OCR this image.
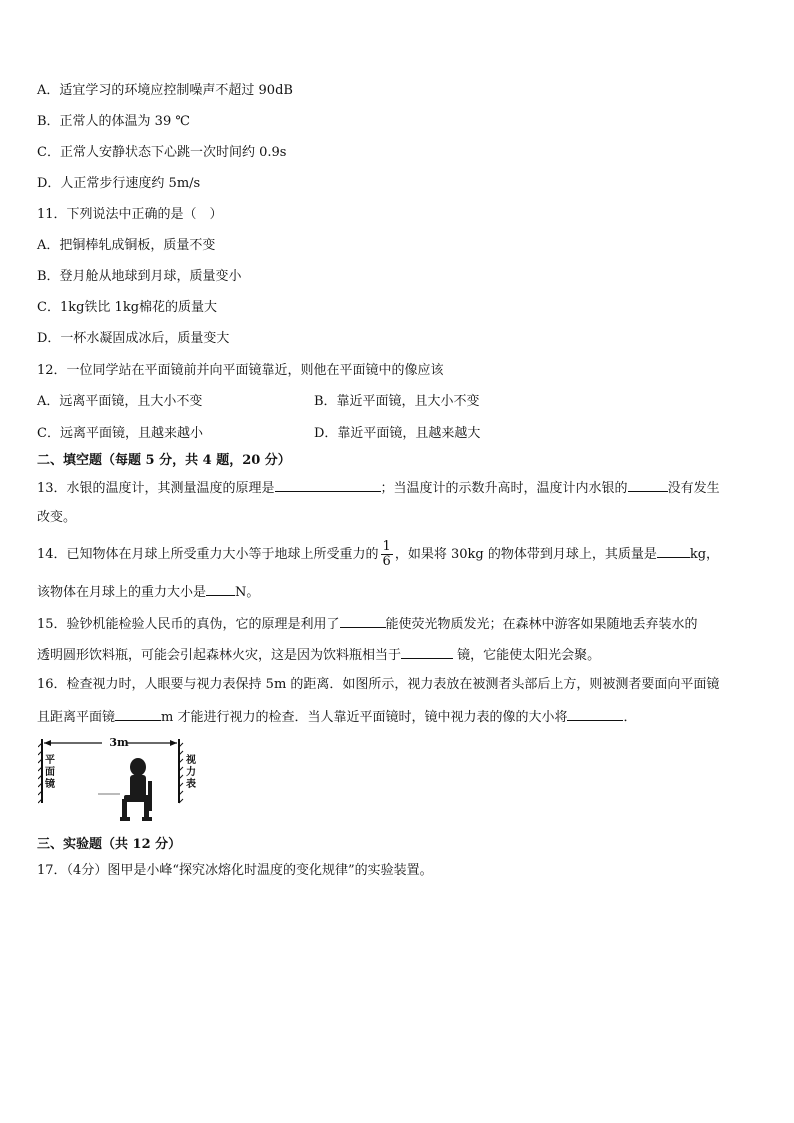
A．适宜学习的环境应控制噪声不超过 90dB
B．正常人的体温为 39 ℃
C．正常人安静状态下心跳一次时间约 0.9s
D．人正常步行速度约 5m/s
11．下列说法中正确的是（　）
A．把铜棒轧成铜板，质量不变
B．登月舱从地球到月球，质量变小
C．1kg铁比 1kg棉花的质量大
D．一杯水凝固成冰后，质量变大
12．一位同学站在平面镜前并向平面镜靠近，则他在平面镜中的像应该
A．远离平面镜，且大小不变	B．靠近平面镜，且大小不变
C．远离平面镜，且越来越小	D．靠近平面镜，且越来越大
二、填空题（每题 5 分，共 4 题，20 分）
13．水银的温度计，其测量温度的原理是	；当温度计的示数升高时，温度计内水银的	没有发生
改变。
14．已知物体在月球上所受重力大小等于地球上所受重力的 $\frac{1}{6}$ ，如果将 30kg 的物体带到月球上，其质量是	kg，
该物体在月球上的重力大小是 N。
15．验钞机能检验人民币的真伪，它的原理是利用了	能使荧光物质发光；在森林中游客如果随地丢弃装水的
透明圆形饮料瓶，可能会引起森林火灾，这是因为饮料瓶相当于	镜，它能使太阳光会聚。
16．检查视力时，人眼要与视力表保持 5m 的距离．如图所示，视力表放在被测者头部后上方，则被测者要面向平面镜
且距离平面镜	m 才能进行视力的检查．当人靠近平面镜时，镜中视力表的像的大小将	．
3m
平
面
镜
视
力
表
三、实验题（共 12 分）
17．（4分）图甲是小峰“探究冰熔化时温度的变化规律”的实验装置。
